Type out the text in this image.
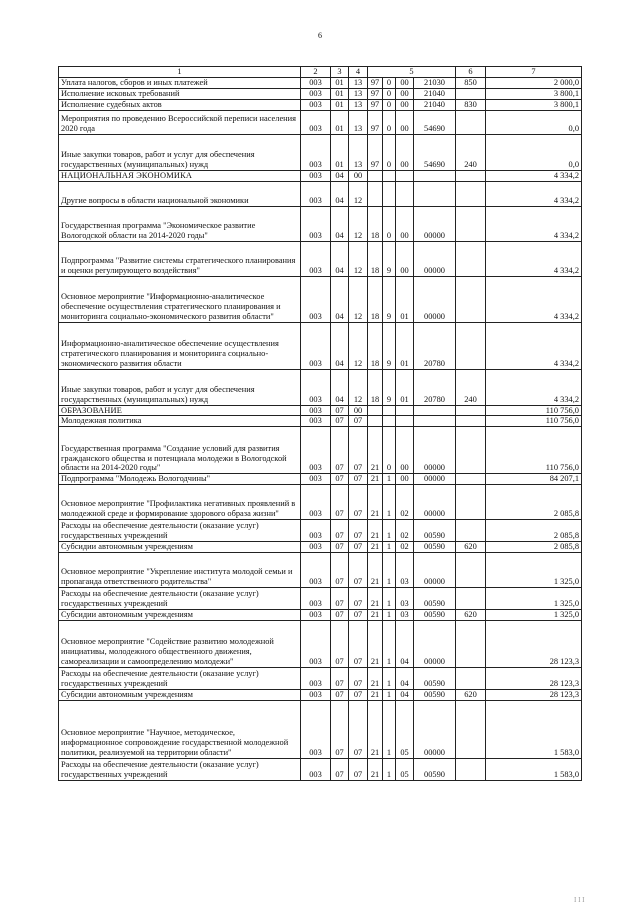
6
1	2	3	4	5				6	7
Уплата налогов, сборов и иных платежей	003	01	13	97	0	00	21030	850	2 000,0
Исполнение исковых требований	003	01	13	97	0	00	21040		3 800,1
Исполнение судебных актов	003	01	13	97	0	00	21040	830	3 800,1
Мероприятия по проведению Всероссийской переписи населения 2020 года	003	01	13	97	0	00	54690		0,0
Иные закупки товаров, работ и услуг для обеспечения государственных (муниципальных) нужд	003	01	13	97	0	00	54690	240	0,0
НАЦИОНАЛЬНАЯ ЭКОНОМИКА	003	04	00						4 334,2
Другие вопросы в области национальной экономики	003	04	12						4 334,2
Государственная программа "Экономическое развитие Вологодской области на 2014-2020 годы"	003	04	12	18	0	00	00000		4 334,2
Подпрограмма "Развитие системы стратегического планирования и оценки регулирующего воздействия"	003	04	12	18	9	00	00000		4 334,2
Основное мероприятие "Информационно-аналитическое обеспечение осуществления стратегического планирования и мониторинга социально-экономического развития области"	003	04	12	18	9	01	00000		4 334,2
Информационно-аналитическое обеспечение осуществления стратегического планирования и мониторинга социально-экономического развития области	003	04	12	18	9	01	20780		4 334,2
Иные закупки товаров, работ и услуг для обеспечения государственных (муниципальных) нужд	003	04	12	18	9	01	20780	240	4 334,2
ОБРАЗОВАНИЕ	003	07	00						110 756,0
Молодежная политика	003	07	07						110 756,0
Государственная программа "Создание условий для развития гражданского общества и потенциала молодежи в Вологодской области на 2014-2020 годы"	003	07	07	21	0	00	00000		110 756,0
Подпрограмма "Молодежь Вологодчины"	003	07	07	21	1	00	00000		84 207,1
Основное мероприятие "Профилактика негативных проявлений в молодежной среде и формирование здорового образа жизни"	003	07	07	21	1	02	00000		2 085,8
Расходы на обеспечение деятельности (оказание услуг) государственных учреждений	003	07	07	21	1	02	00590		2 085,8
Субсидии автономным учреждениям	003	07	07	21	1	02	00590	620	2 085,8
Основное мероприятие "Укрепление института молодой семьи и пропаганда ответственного родительства"	003	07	07	21	1	03	00000		1 325,0
Расходы на обеспечение деятельности (оказание услуг) государственных учреждений	003	07	07	21	1	03	00590		1 325,0
Субсидии автономным учреждениям	003	07	07	21	1	03	00590	620	1 325,0
Основное мероприятие "Содействие развитию молодежной инициативы, молодежного общественного движения, самореализации и самоопределению молодежи"	003	07	07	21	1	04	00000		28 123,3
Расходы на обеспечение деятельности (оказание услуг) государственных учреждений	003	07	07	21	1	04	00590		28 123,3
Субсидии автономным учреждениям	003	07	07	21	1	04	00590	620	28 123,3
Основное мероприятие "Научное, методическое, информационное сопровождение государственной молодежной политики, реализуемой на территории области"	003	07	07	21	1	05	00000		1 583,0
Расходы на обеспечение деятельности (оказание услуг) государственных учреждений	003	07	07	21	1	05	00590		1 583,0
I I I
